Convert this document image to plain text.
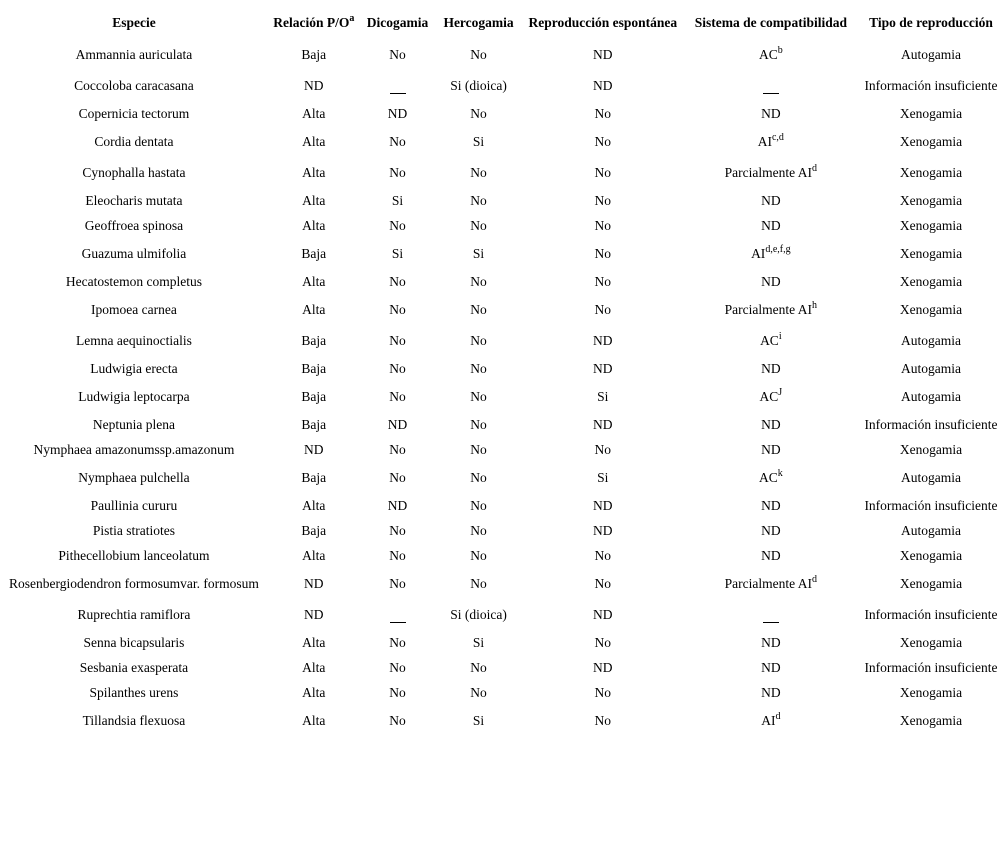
Especie	Relación $P/O^a$	Dicogamia	Hercogamia	Reproducción espontánea	Sistema de compatibilidad	Tipo de reproducción
Ammannia auriculata	Baja	No	No	ND	$AC^b$	Autogamia
Coccoloba caracasana	ND		Si (dioica)	ND		Información insuficiente
Copernicia tectorum	Alta	ND	No	No	ND	Xenogamia
Cordia dentata	Alta	No	Si	No	AI$^{c,d}$	Xenogamia
Cynophalla hastata	Alta	No	No	No	Parcialmente $AI^d$	Xenogamia
Eleocharis mutata	Alta	Si	No	No	ND	Xenogamia
Geoffroea spinosa	Alta	No	No	No	ND	Xenogamia
Guazuma ulmifolia	Baja	Si	Si	No	AI$^{d,e,f,g}$	Xenogamia
Hecatostemon completus	Alta	No	No	No	ND	Xenogamia
Ipomoea carnea	Alta	No	No	No	Parcialmente $AI^h$	Xenogamia
Lemna aequinoctialis	Baja	No	No	ND	$AC^i$	Autogamia
Ludwigia erecta	Baja	No	No	ND	ND	Autogamia
Ludwigia leptocarpa	Baja	No	No	Si	$AC^J$	Autogamia
Neptunia plena	Baja	ND	No	ND	ND	Información insuficiente
Nymphaea amazonumssp.amazonum	ND	No	No	No	ND	Xenogamia
Nymphaea pulchella	Baja	No	No	Si	$AC^k$	Autogamia
Paullinia cururu	Alta	ND	No	ND	ND	Información insuficiente
Pistia stratiotes	Baja	No	No	ND	ND	Autogamia
Pithecellobium lanceolatum	Alta	No	No	No	ND	Xenogamia
Rosenbergiodendron formosumvar. formosum	ND	No	No	No	Parcialmente $AI^d$	Xenogamia
Ruprechtia ramiflora	ND		Si (dioica)	ND		Información insuficiente
Senna bicapsularis	Alta	No	Si	No	ND	Xenogamia
Sesbania exasperata	Alta	No	No	ND	ND	Información insuficiente
Spilanthes urens	Alta	No	No	No	ND	Xenogamia
Tillandsia flexuosa	Alta	No	Si	No	$AI^d$	Xenogamia
